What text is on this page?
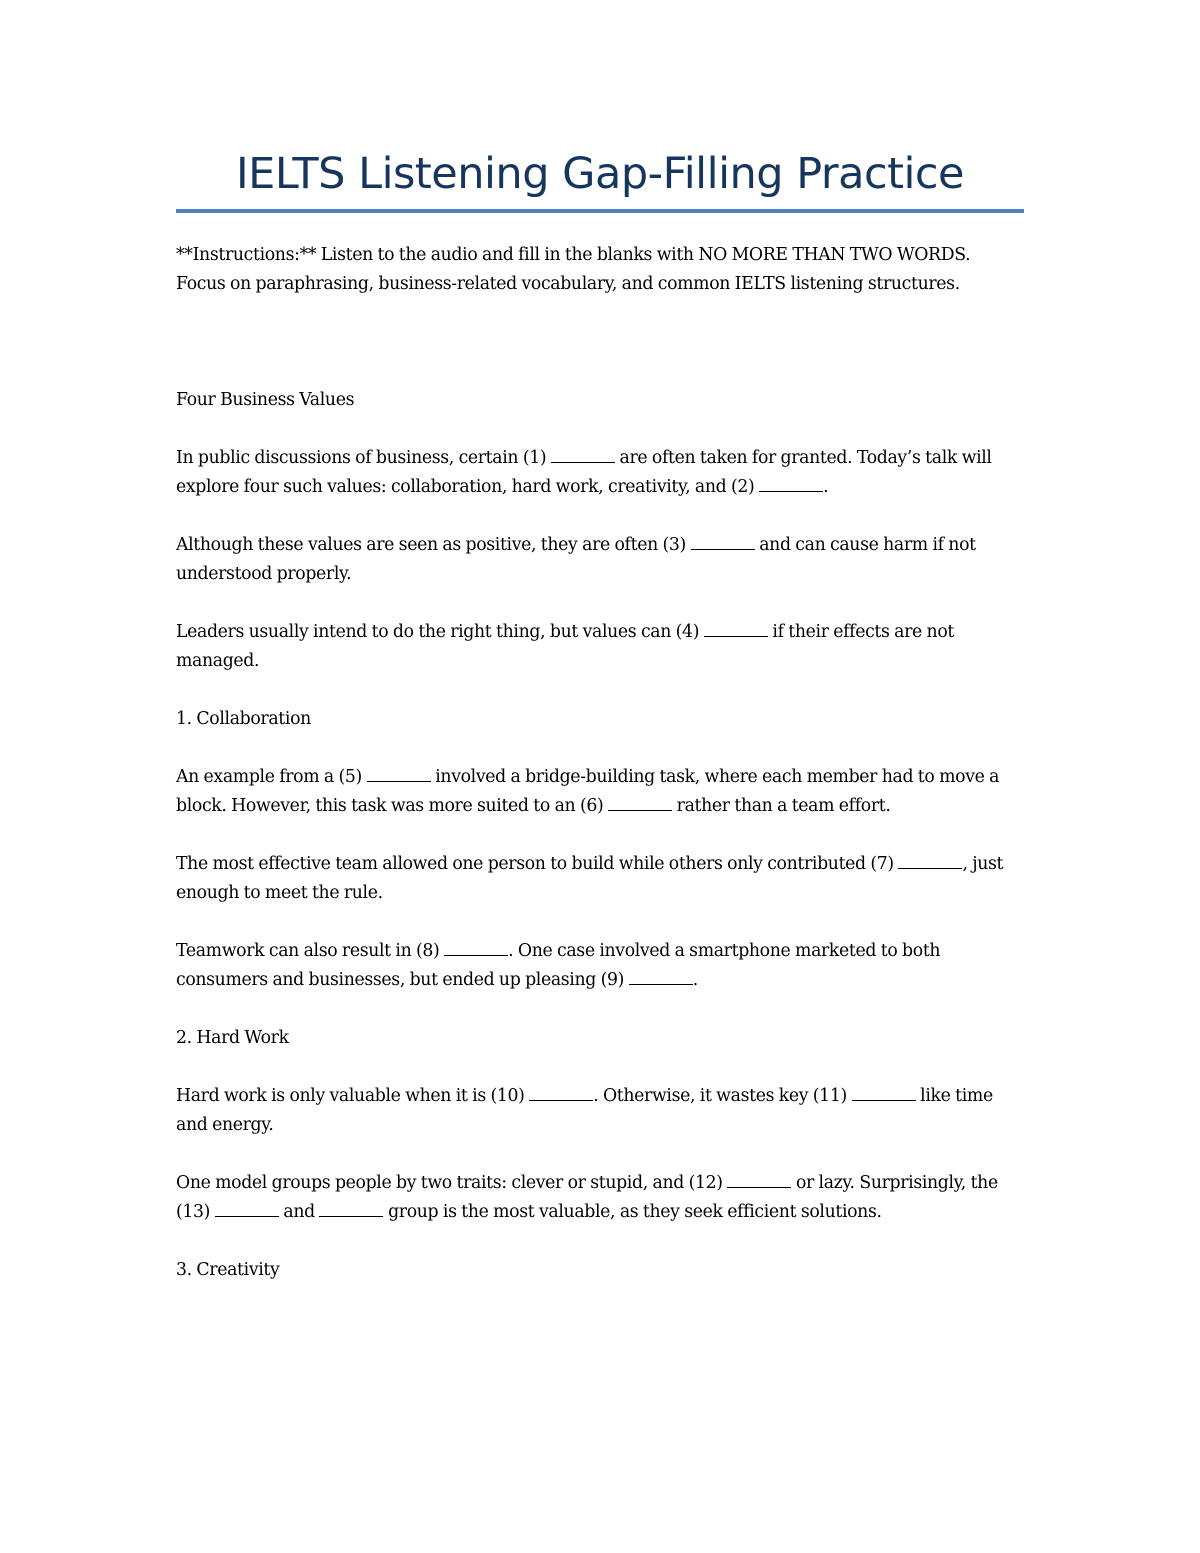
IELTS Listening Gap-Filling Practice

**Instructions:** Listen to the audio and fill in the blanks with NO MORE THAN TWO WORDS. Focus on paraphrasing, business-related vocabulary, and common IELTS listening structures.

Four Business Values

In public discussions of business, certain (1)	are often taken for granted. Today’s talk will explore four such values: collaboration, hard work, creativity, and (2)	.

Although these values are seen as positive, they are often (3)	and can cause harm if not understood properly.

Leaders usually intend to do the right thing, but values can (4)	if their effects are not managed.

1. Collaboration

An example from a (5)	involved a bridge-building task, where each member had to move a block. However, this task was more suited to an (6)	rather than a team effort.

The most effective team allowed one person to build while others only contributed (7)	, just enough to meet the rule.

Teamwork can also result in (8)	. One case involved a smartphone marketed to both consumers and businesses, but ended up pleasing (9)	.

2. Hard Work

Hard work is only valuable when it is (10)	. Otherwise, it wastes key (11)	like time and energy.

One model groups people by two traits: clever or stupid, and (12)	or lazy. Surprisingly, the (13)	and	group is the most valuable, as they seek efficient solutions.

3. Creativity
